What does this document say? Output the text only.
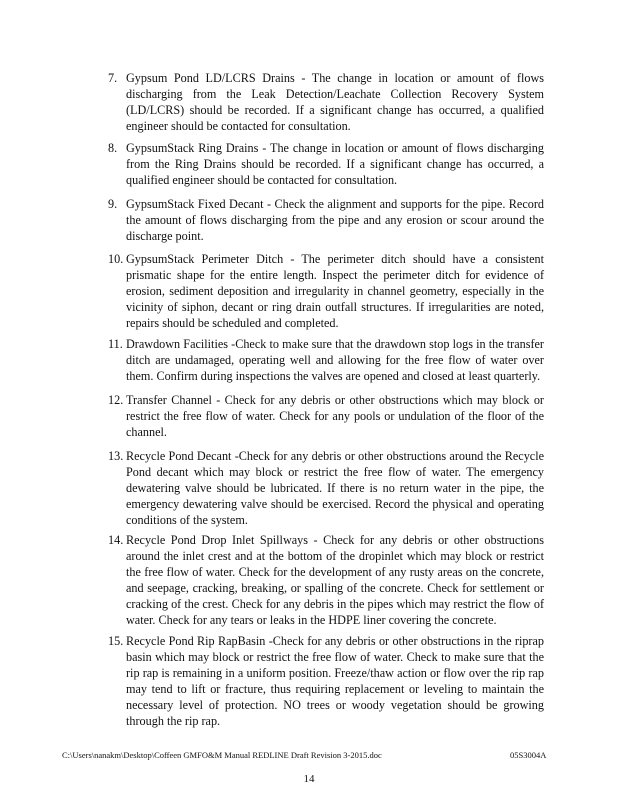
7. Gypsum Pond LD/LCRS Drains - The change in location or amount of flows discharging from the Leak Detection/Leachate Collection Recovery System (LD/LCRS) should be recorded. If a significant change has occurred, a qualified engineer should be contacted for consultation.
8. GypsumStack Ring Drains - The change in location or amount of flows discharging from the Ring Drains should be recorded. If a significant change has occurred, a qualified engineer should be contacted for consultation.
9. GypsumStack Fixed Decant - Check the alignment and supports for the pipe. Record the amount of flows discharging from the pipe and any erosion or scour around the discharge point.
10. GypsumStack Perimeter Ditch - The perimeter ditch should have a consistent prismatic shape for the entire length. Inspect the perimeter ditch for evidence of erosion, sediment deposition and irregularity in channel geometry, especially in the vicinity of siphon, decant or ring drain outfall structures. If irregularities are noted, repairs should be scheduled and completed.
11. Drawdown Facilities -Check to make sure that the drawdown stop logs in the transfer ditch are undamaged, operating well and allowing for the free flow of water over them. Confirm during inspections the valves are opened and closed at least quarterly.
12. Transfer Channel - Check for any debris or other obstructions which may block or restrict the free flow of water. Check for any pools or undulation of the floor of the channel.
13. Recycle Pond Decant -Check for any debris or other obstructions around the Recycle Pond decant which may block or restrict the free flow of water. The emergency dewatering valve should be lubricated. If there is no return water in the pipe, the emergency dewatering valve should be exercised. Record the physical and operating conditions of the system.
14. Recycle Pond Drop Inlet Spillways - Check for any debris or other obstructions around the inlet crest and at the bottom of the dropinlet which may block or restrict the free flow of water. Check for the development of any rusty areas on the concrete, and seepage, cracking, breaking, or spalling of the concrete. Check for settlement or cracking of the crest. Check for any debris in the pipes which may restrict the flow of water. Check for any tears or leaks in the HDPE liner covering the concrete.
15. Recycle Pond Rip RapBasin -Check for any debris or other obstructions in the riprap basin which may block or restrict the free flow of water. Check to make sure that the rip rap is remaining in a uniform position. Freeze/thaw action or flow over the rip rap may tend to lift or fracture, thus requiring replacement or leveling to maintain the necessary level of protection. NO trees or woody vegetation should be growing through the rip rap.
C:\Users\nanakm\Desktop\Coffeen GMFO&M Manual REDLINE Draft Revision 3-2015.doc	05S3004A
14
